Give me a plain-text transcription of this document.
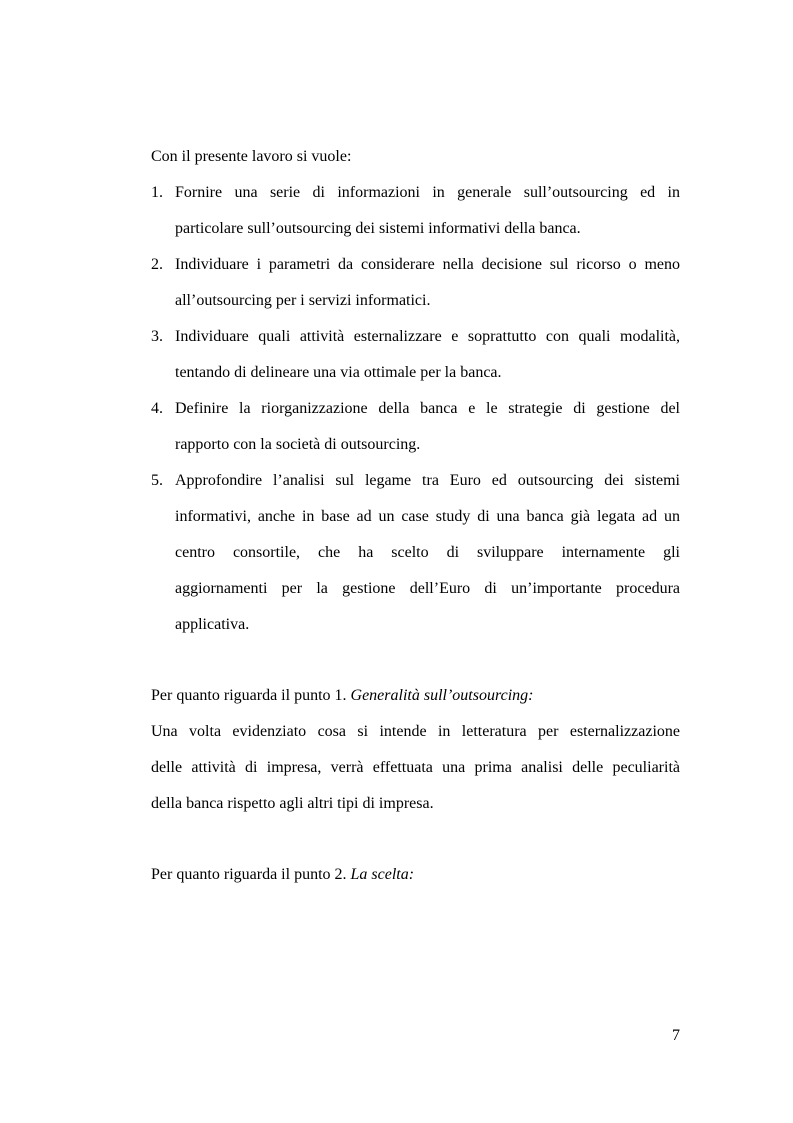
Con il presente lavoro si vuole:
1. Fornire una serie di informazioni in generale sull’outsourcing ed in
particolare sull’outsourcing dei sistemi informativi della banca.
2. Individuare i parametri da considerare nella decisione sul ricorso o meno
all’outsourcing per i servizi informatici.
3. Individuare quali attività esternalizzare e soprattutto con quali modalità,
tentando di delineare una via ottimale per la banca.
4. Definire la riorganizzazione della banca e le strategie di gestione del
rapporto con la società di outsourcing.
5. Approfondire l’analisi sul legame tra Euro ed outsourcing dei sistemi
informativi, anche in base ad un case study di una banca già legata ad un
centro consortile, che ha scelto di sviluppare internamente gli
aggiornamenti per la gestione dell’Euro di un’importante procedura
applicativa.
Per quanto riguarda il punto 1. Generalità sull’outsourcing:
Una volta evidenziato cosa si intende in letteratura per esternalizzazione
delle attività di impresa, verrà effettuata una prima analisi delle peculiarità
della banca rispetto agli altri tipi di impresa.
Per quanto riguarda il punto 2. La scelta:
7
